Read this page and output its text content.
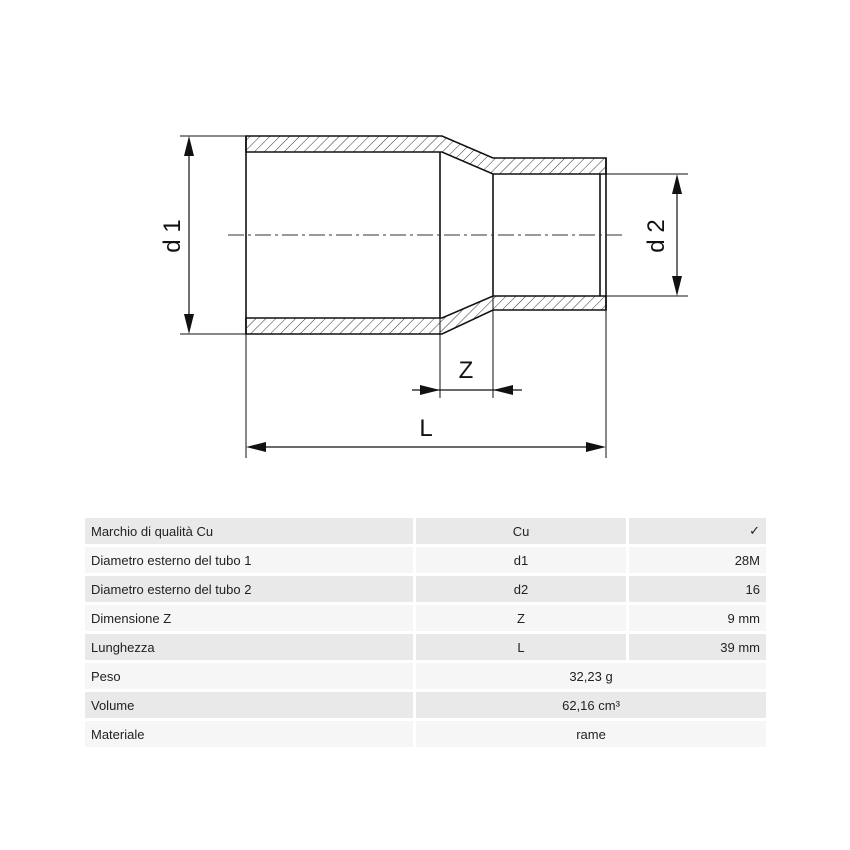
d 1	d 2
Z
L
Marchio di qualità Cu	Cu	✓
Diametro esterno del tubo 1	d1	28M
Diametro esterno del tubo 2	d2	16
Dimensione Z	Z	9 mm
Lunghezza	L	39 mm
Peso	32,23 g	
Volume	62,16 cm³	
Materiale	rame	
